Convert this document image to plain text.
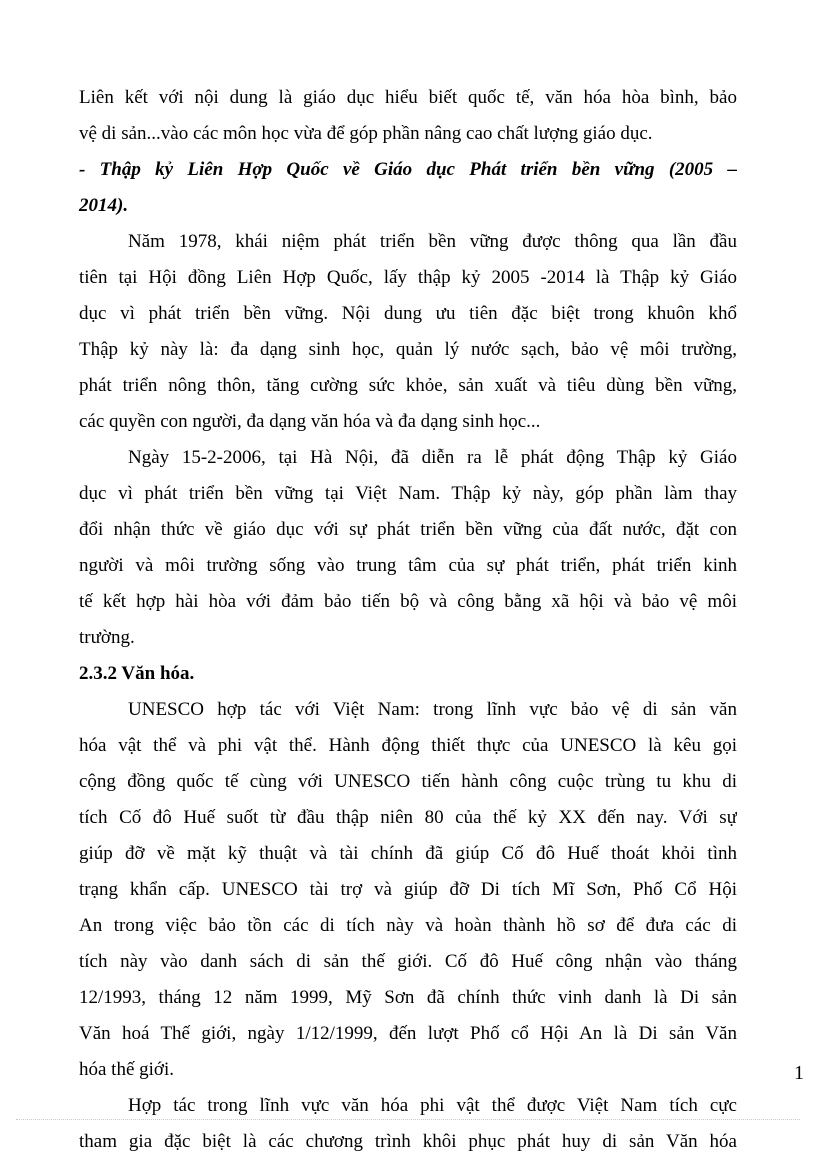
Liên kết với nội dung là giáo dục hiểu biết quốc tế, văn hóa hòa bình, bảo
vệ di sản...vào các môn học vừa để góp phần nâng cao chất lượng giáo dục.
- Thập kỷ Liên Hợp Quốc về Giáo dục Phát triển bền vững (2005 –
2014).
Năm 1978, khái niệm phát triển bền vững được thông qua lần đầu
tiên tại Hội đồng Liên Hợp Quốc, lấy thập kỷ 2005 -2014 là Thập kỷ Giáo
dục vì phát triển bền vững. Nội dung ưu tiên đặc biệt trong khuôn khổ
Thập kỷ này là: đa dạng sinh học, quản lý nước sạch, bảo vệ môi trường,
phát triển nông thôn, tăng cường sức khỏe, sản xuất và tiêu dùng bền vững,
các quyền con người, đa dạng văn hóa và đa dạng sinh học...
Ngày 15-2-2006, tại Hà Nội, đã diễn ra lễ phát động Thập kỷ Giáo
dục vì phát triển bền vững tại Việt Nam. Thập kỷ này, góp phần làm thay
đổi nhận thức về giáo dục với sự phát triển bền vững của đất nước, đặt con
người và môi trường sống vào trung tâm của sự phát triển, phát triển kinh
tế kết hợp hài hòa với đảm bảo tiến bộ và công bằng xã hội và bảo vệ môi
trường.
2.3.2 Văn hóa.
UNESCO hợp tác với Việt Nam: trong lĩnh vực bảo vệ di sản văn
hóa vật thể và phi vật thể. Hành động thiết thực của UNESCO là kêu gọi
cộng đồng quốc tế cùng với UNESCO tiến hành công cuộc trùng tu khu di
tích Cố đô Huế suốt từ đầu thập niên 80 của thế kỷ XX đến nay. Với sự
giúp đỡ về mặt kỹ thuật và tài chính đã giúp Cố đô Huế thoát khỏi tình
trạng khẩn cấp. UNESCO tài trợ và giúp đỡ Di tích Mĩ Sơn, Phố Cổ Hội
An trong việc bảo tồn các di tích này và hoàn thành hồ sơ để đưa các di
tích này vào danh sách di sản thế giới. Cố đô Huế công nhận vào tháng
12/1993, tháng 12 năm 1999, Mỹ Sơn đã chính thức vinh danh là Di sản
Văn hoá Thế giới, ngày 1/12/1999, đến lượt Phố cổ Hội An là Di sản Văn
hóa thế giới.
Hợp tác trong lĩnh vực văn hóa phi vật thể được Việt Nam tích cực
tham gia đặc biệt là các chương trình khôi phục phát huy di sản Văn hóa
1
